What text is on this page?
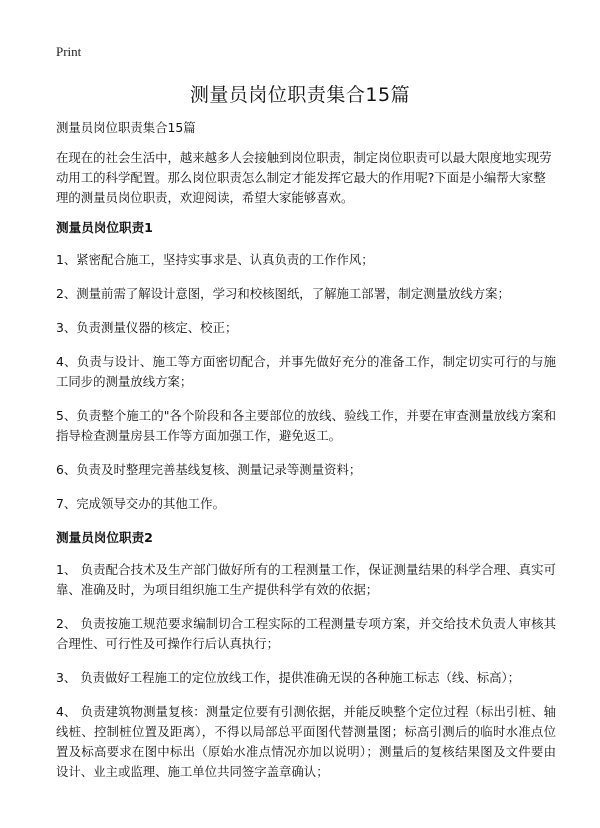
Print
测量员岗位职责集合15篇

测量员岗位职责集合15篇

在现在的社会生活中，越来越多人会接触到岗位职责，制定岗位职责可以最大限度地实现劳动用工的科学配置。那么岗位职责怎么制定才能发挥它最大的作用呢?下面是小编帮大家整理的测量员岗位职责，欢迎阅读，希望大家能够喜欢。

测量员岗位职责1

1、紧密配合施工，坚持实事求是、认真负责的工作作风；

2、测量前需了解设计意图，学习和校核图纸，了解施工部署，制定测量放线方案；

3、负责测量仪器的核定、校正；

4、负责与设计、施工等方面密切配合，并事先做好充分的准备工作，制定切实可行的与施工同步的测量放线方案；

5、负责整个施工的"各个阶段和各主要部位的放线、验线工作，并要在审查测量放线方案和指导检查测量房县工作等方面加强工作，避免返工。

6、负责及时整理完善基线复核、测量记录等测量资料；

7、完成领导交办的其他工作。

测量员岗位职责2

1、 负责配合技术及生产部门做好所有的工程测量工作，保证测量结果的科学合理、真实可靠、准确及时，为项目组织施工生产提供科学有效的依据；

2、 负责按施工规范要求编制切合工程实际的工程测量专项方案，并交给技术负责人审核其合理性、可行性及可操作行后认真执行；

3、 负责做好工程施工的定位放线工作，提供准确无误的各种施工标志（线、标高）；

4、 负责建筑物测量复核：测量定位要有引测依据，并能反映整个定位过程（标出引桩、轴线桩、控制桩位置及距离），不得以局部总平面图代替测量图；标高引测后的临时水准点位置及标高要求在图中标出（原始水准点情况亦加以说明）；测量后的复核结果图及文件要由设计、业主或监理、施工单位共同签字盖章确认；
